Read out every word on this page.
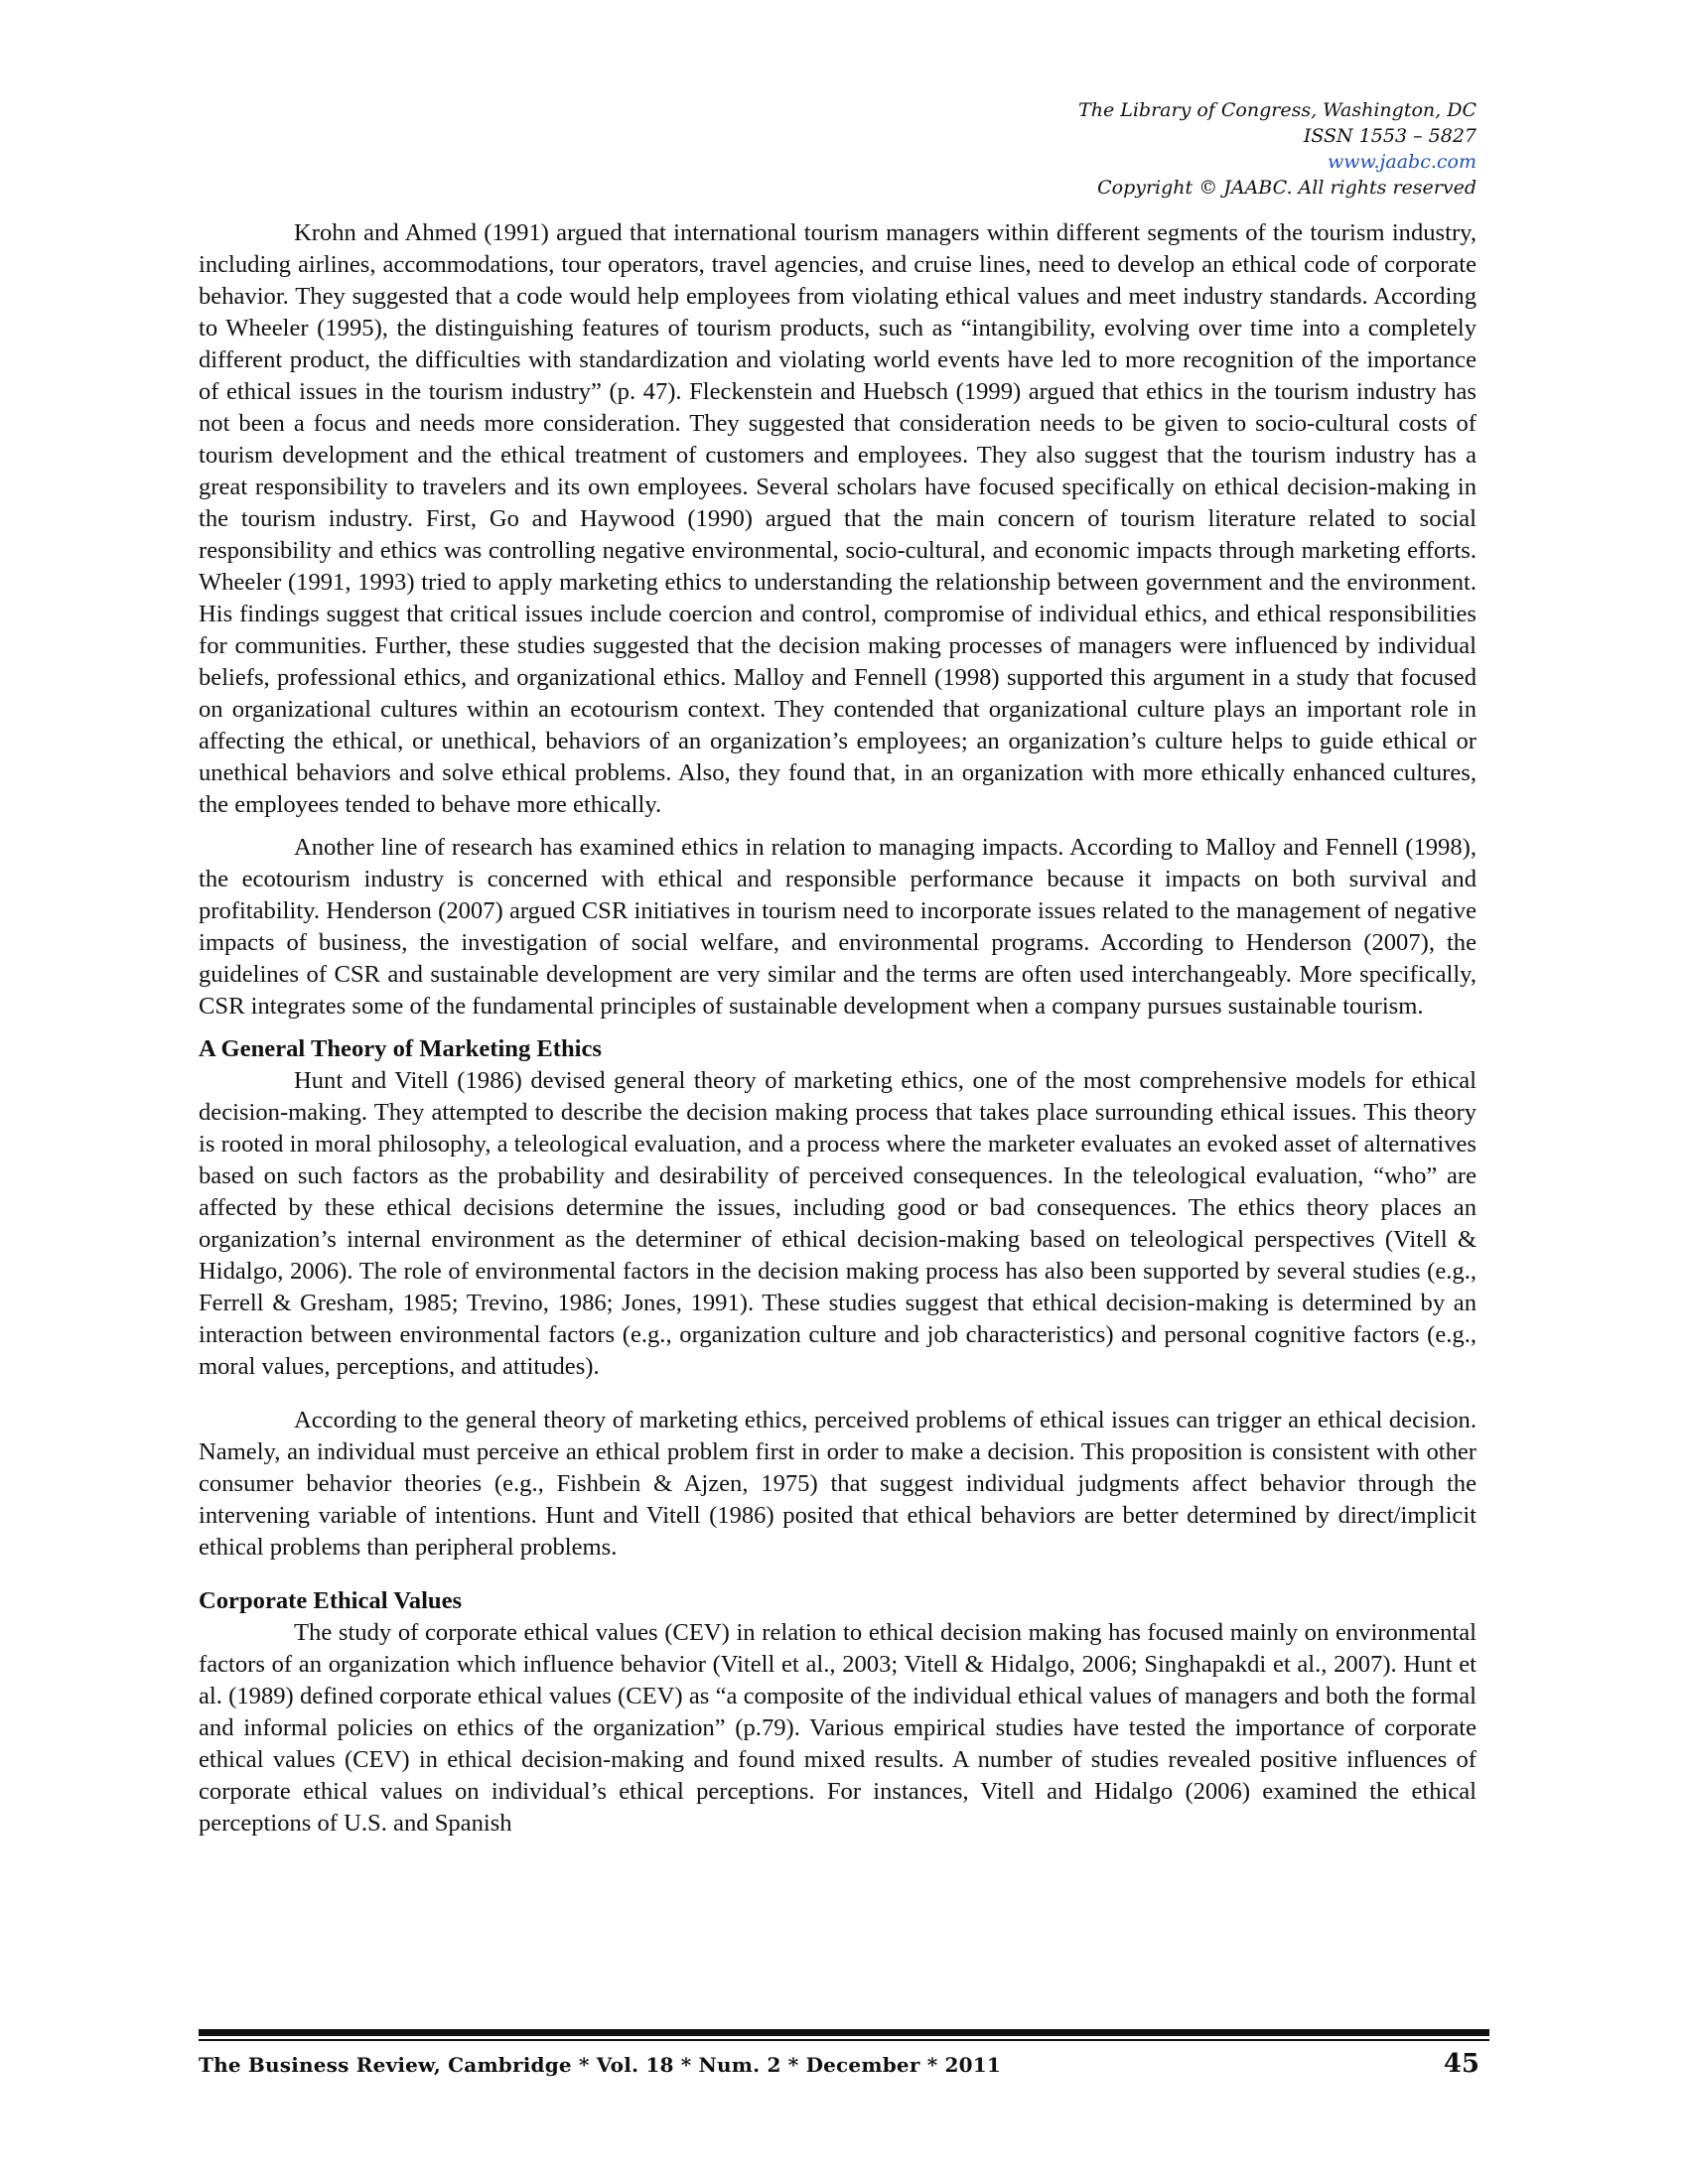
The Library of Congress, Washington, DC
ISSN 1553 – 5827
www.jaabc.com
Copyright © JAABC. All rights reserved

Krohn and Ahmed (1991) argued that international tourism managers within different segments of the tourism industry, including airlines, accommodations, tour operators, travel agencies, and cruise lines, need to develop an ethical code of corporate behavior. They suggested that a code would help employees from violating ethical values and meet industry standards. According to Wheeler (1995), the distinguishing features of tourism products, such as “intangibility, evolving over time into a completely different product, the difficulties with standardization and violating world events have led to more recognition of the importance of ethical issues in the tourism industry” (p. 47). Fleckenstein and Huebsch (1999) argued that ethics in the tourism industry has not been a focus and needs more consideration. They suggested that consideration needs to be given to socio-cultural costs of tourism development and the ethical treatment of customers and employees. They also suggest that the tourism industry has a great responsibility to travelers and its own employees. Several scholars have focused specifically on ethical decision-making in the tourism industry. First, Go and Haywood (1990) argued that the main concern of tourism literature related to social responsibility and ethics was controlling negative environmental, socio-cultural, and economic impacts through marketing efforts. Wheeler (1991, 1993) tried to apply marketing ethics to understanding the relationship between government and the environment. His findings suggest that critical issues include coercion and control, compromise of individual ethics, and ethical responsibilities for communities. Further, these studies suggested that the decision making processes of managers were influenced by individual beliefs, professional ethics, and organizational ethics. Malloy and Fennell (1998) supported this argument in a study that focused on organizational cultures within an ecotourism context. They contended that organizational culture plays an important role in affecting the ethical, or unethical, behaviors of an organization’s employees; an organization’s culture helps to guide ethical or unethical behaviors and solve ethical problems. Also, they found that, in an organization with more ethically enhanced cultures, the employees tended to behave more ethically.

Another line of research has examined ethics in relation to managing impacts. According to Malloy and Fennell (1998), the ecotourism industry is concerned with ethical and responsible performance because it impacts on both survival and profitability. Henderson (2007) argued CSR initiatives in tourism need to incorporate issues related to the management of negative impacts of business, the investigation of social welfare, and environmental programs. According to Henderson (2007), the guidelines of CSR and sustainable development are very similar and the terms are often used interchangeably. More specifically, CSR integrates some of the fundamental principles of sustainable development when a company pursues sustainable tourism.

A General Theory of Marketing Ethics

Hunt and Vitell (1986) devised general theory of marketing ethics, one of the most comprehensive models for ethical decision-making. They attempted to describe the decision making process that takes place surrounding ethical issues. This theory is rooted in moral philosophy, a teleological evaluation, and a process where the marketer evaluates an evoked asset of alternatives based on such factors as the probability and desirability of perceived consequences. In the teleological evaluation, “who” are affected by these ethical decisions determine the issues, including good or bad consequences. The ethics theory places an organization’s internal environment as the determiner of ethical decision-making based on teleological perspectives (Vitell & Hidalgo, 2006). The role of environmental factors in the decision making process has also been supported by several studies (e.g., Ferrell & Gresham, 1985; Trevino, 1986; Jones, 1991). These studies suggest that ethical decision-making is determined by an interaction between environmental factors (e.g., organization culture and job characteristics) and personal cognitive factors (e.g., moral values, perceptions, and attitudes).

According to the general theory of marketing ethics, perceived problems of ethical issues can trigger an ethical decision. Namely, an individual must perceive an ethical problem first in order to make a decision. This proposition is consistent with other consumer behavior theories (e.g., Fishbein & Ajzen, 1975) that suggest individual judgments affect behavior through the intervening variable of intentions. Hunt and Vitell (1986) posited that ethical behaviors are better determined by direct/implicit ethical problems than peripheral problems.

Corporate Ethical Values

The study of corporate ethical values (CEV) in relation to ethical decision making has focused mainly on environmental factors of an organization which influence behavior (Vitell et al., 2003; Vitell & Hidalgo, 2006; Singhapakdi et al., 2007). Hunt et al. (1989) defined corporate ethical values (CEV) as “a composite of the individual ethical values of managers and both the formal and informal policies on ethics of the organization” (p.79). Various empirical studies have tested the importance of corporate ethical values (CEV) in ethical decision-making and found mixed results. A number of studies revealed positive influences of corporate ethical values on individual’s ethical perceptions. For instances, Vitell and Hidalgo (2006) examined the ethical perceptions of U.S. and Spanish

The Business Review, Cambridge * Vol. 18 * Num. 2 * December * 2011	45
